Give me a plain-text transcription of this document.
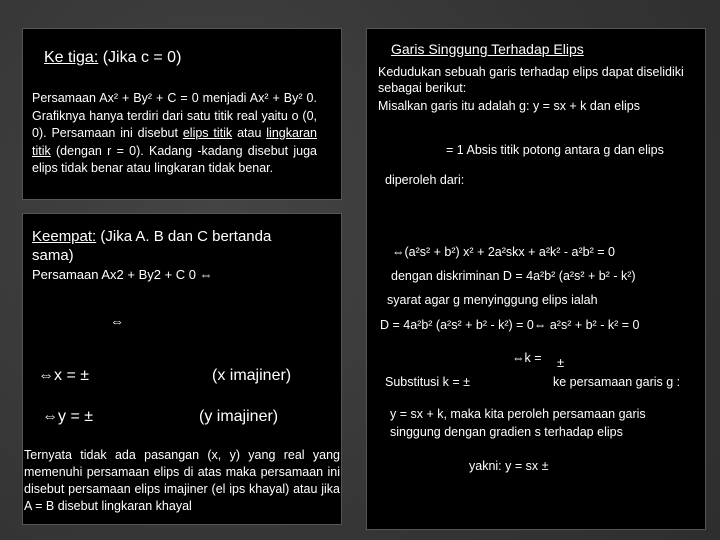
Ke tiga: (Jika c = 0)
Persamaan Ax² + By² + C = 0 menjadi Ax² + By² 0. Grafiknya hanya terdiri dari satu titik real yaitu o (0, 0). Persamaan ini disebut elips titik atau lingkaran titik (dengan r = 0). Kadang -kadang disebut juga elips tidak benar atau lingkaran tidak benar.
Keempat: (Jika A. B dan C bertanda sama)
Persamaan Ax2 + By2 + C 0 ⇔
⇔
⇔x = ±	(x imajiner)
⇔y = ±	(y imajiner)
Ternyata tidak ada pasangan (x, y) yang real yang memenuhi persamaan elips di atas maka persamaan ini disebut persamaan elips imajiner (el ips khayal) atau jika A = B disebut lingkaran khayal
Garis Singgung Terhadap Elips
Kedudukan sebuah garis terhadap elips dapat diselidiki sebagai berikut:
Misalkan garis itu adalah g: y = sx + k dan elips
= 1 Absis titik potong antara g dan elips
diperoleh dari:
⇔(a²s² + b²) x² + 2a²skx + a²k² - a²b² = 0
dengan diskriminan D = 4a²b² (a²s² + b² - k²)
syarat agar g menyinggung elips ialah
D = 4a²b² (a²s² + b² - k²) = 0⇔ a²s² + b² - k² = 0
⇔k = ±
Substitusi k = ±	ke persamaan garis g :
y = sx + k, maka kita peroleh persamaan garis singgung dengan gradien s terhadap elips
yakni: y = sx ±
